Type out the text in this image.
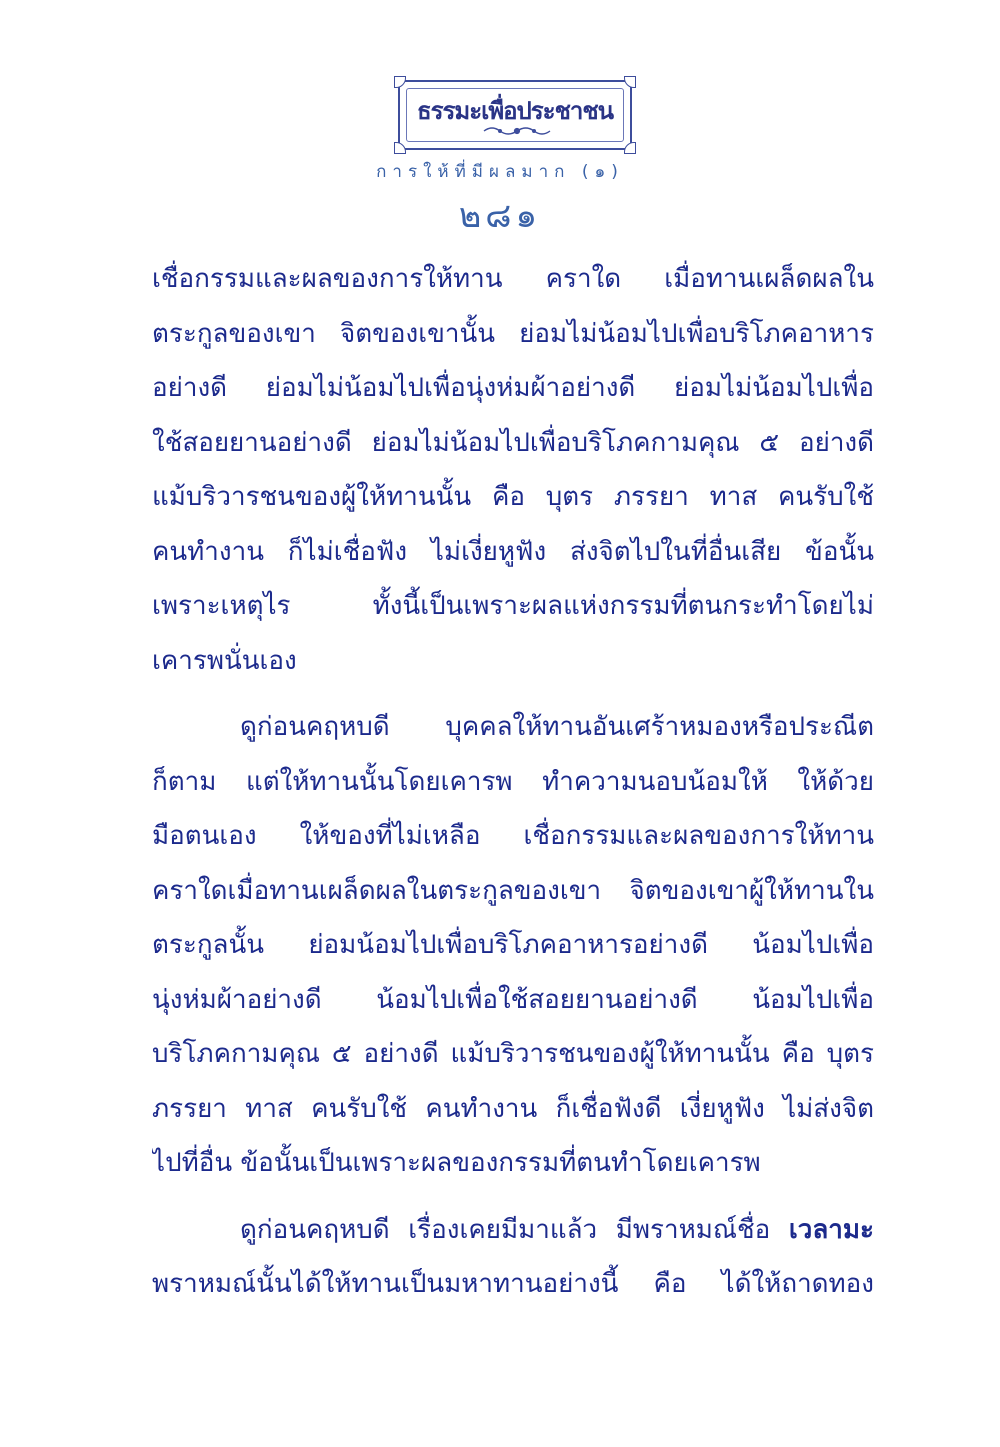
ธรรมะเพื่อประชาชน
การให้ที่มีผลมาก (๑)
๒๘๑
เชื่อกรรมและผลของการให้ทาน คราใด เมื่อทานเผล็ดผลใน
ตระกูลของเขา จิตของเขานั้น ย่อมไม่น้อมไปเพื่อบริโภคอาหาร
อย่างดี ย่อมไม่น้อมไปเพื่อนุ่งห่มผ้าอย่างดี ย่อมไม่น้อมไปเพื่อ
ใช้สอยยานอย่างดี ย่อมไม่น้อมไปเพื่อบริโภคกามคุณ ๕ อย่างดี
แม้บริวารชนของผู้ให้ทานนั้น คือ บุตร ภรรยา ทาส คนรับใช้
คนทำงาน ก็ไม่เชื่อฟัง ไม่เงี่ยหูฟัง ส่งจิตไปในที่อื่นเสีย ข้อนั้น
เพราะเหตุไร ทั้งนี้เป็นเพราะผลแห่งกรรมที่ตนกระทำโดยไม่
เคารพนั่นเอง
ดูก่อนคฤหบดี บุคคลให้ทานอันเศร้าหมองหรือประณีต
ก็ตาม แต่ให้ทานนั้นโดยเคารพ ทำความนอบน้อมให้ ให้ด้วย
มือตนเอง ให้ของที่ไม่เหลือ เชื่อกรรมและผลของการให้ทาน
คราใดเมื่อทานเผล็ดผลในตระกูลของเขา จิตของเขาผู้ให้ทานใน
ตระกูลนั้น ย่อมน้อมไปเพื่อบริโภคอาหารอย่างดี น้อมไปเพื่อ
นุ่งห่มผ้าอย่างดี น้อมไปเพื่อใช้สอยยานอย่างดี น้อมไปเพื่อ
บริโภคกามคุณ ๕ อย่างดี แม้บริวารชนของผู้ให้ทานนั้น คือ บุตร
ภรรยา ทาส คนรับใช้ คนทำงาน ก็เชื่อฟังดี เงี่ยหูฟัง ไม่ส่งจิต
ไปที่อื่น ข้อนั้นเป็นเพราะผลของกรรมที่ตนทำโดยเคารพ
ดูก่อนคฤหบดี เรื่องเคยมีมาแล้ว มีพราหมณ์ชื่อ เวลามะ
พราหมณ์นั้นได้ให้ทานเป็นมหาทานอย่างนี้ คือ ได้ให้ถาดทอง
